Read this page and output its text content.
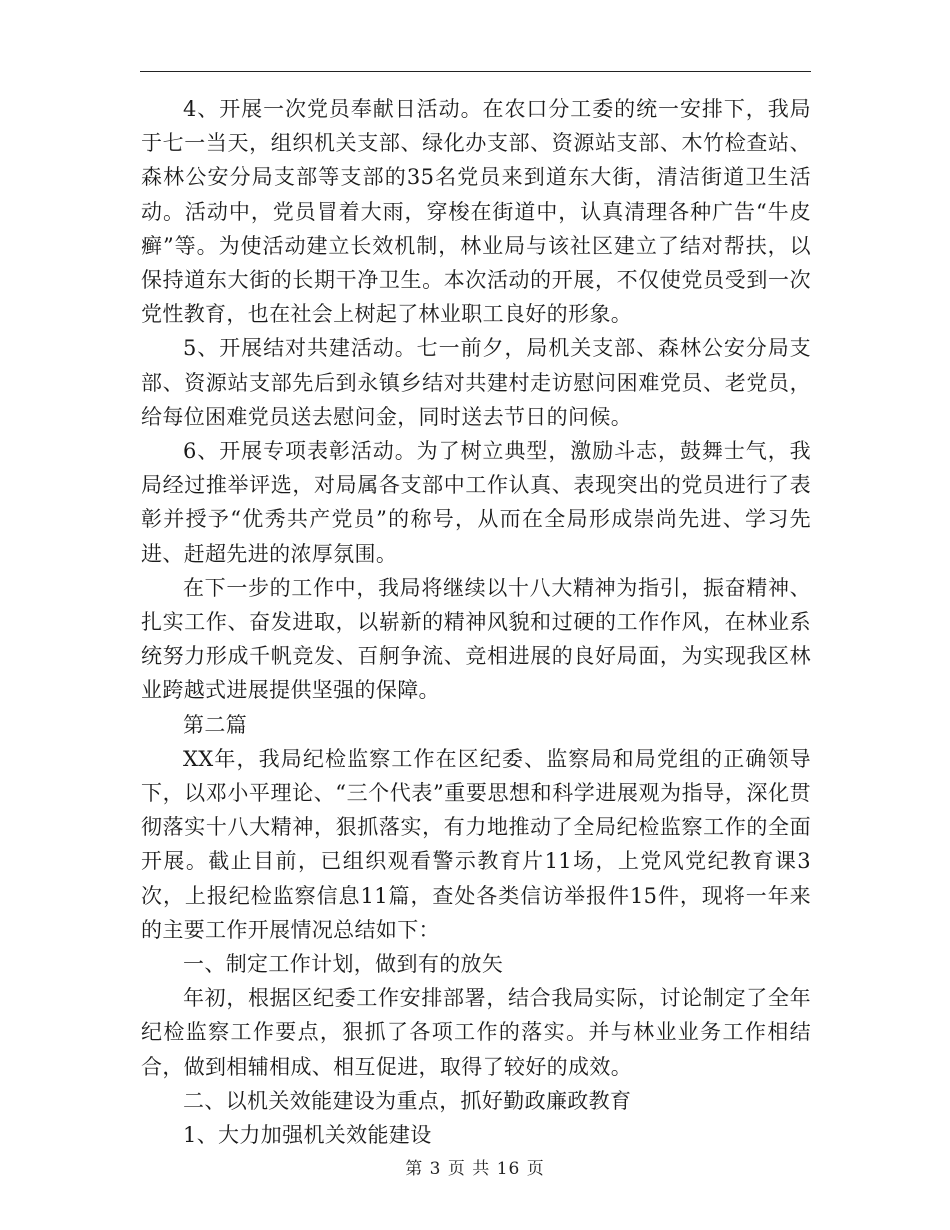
4、开展一次党员奉献日活动。在农口分工委的统一安排下，我局于七一当天，组织机关支部、绿化办支部、资源站支部、木竹检查站、森林公安分局支部等支部的35名党员来到道东大街，清洁街道卫生活动。活动中，党员冒着大雨，穿梭在街道中，认真清理各种广告“牛皮癣”等。为使活动建立长效机制，林业局与该社区建立了结对帮扶，以保持道东大街的长期干净卫生。本次活动的开展，不仅使党员受到一次党性教育，也在社会上树起了林业职工良好的形象。

5、开展结对共建活动。七一前夕，局机关支部、森林公安分局支部、资源站支部先后到永镇乡结对共建村走访慰问困难党员、老党员，给每位困难党员送去慰问金，同时送去节日的问候。

6、开展专项表彰活动。为了树立典型，激励斗志，鼓舞士气，我局经过推举评选，对局属各支部中工作认真、表现突出的党员进行了表彰并授予“优秀共产党员”的称号，从而在全局形成崇尚先进、学习先进、赶超先进的浓厚氛围。

在下一步的工作中，我局将继续以十八大精神为指引，振奋精神、扎实工作、奋发进取，以崭新的精神风貌和过硬的工作作风，在林业系统努力形成千帆竞发、百舸争流、竞相进展的良好局面，为实现我区林业跨越式进展提供坚强的保障。

第二篇

XX年，我局纪检监察工作在区纪委、监察局和局党组的正确领导下，以邓小平理论、“三个代表”重要思想和科学进展观为指导，深化贯彻落实十八大精神，狠抓落实，有力地推动了全局纪检监察工作的全面开展。截止目前，已组织观看警示教育片11场，上党风党纪教育课3次，上报纪检监察信息11篇，查处各类信访举报件15件，现将一年来的主要工作开展情况总结如下：

一、制定工作计划，做到有的放矢

年初，根据区纪委工作安排部署，结合我局实际，讨论制定了全年纪检监察工作要点，狠抓了各项工作的落实。并与林业业务工作相结合，做到相辅相成、相互促进，取得了较好的成效。

二、以机关效能建设为重点，抓好勤政廉政教育

1、大力加强机关效能建设

第 3 页 共 16 页
